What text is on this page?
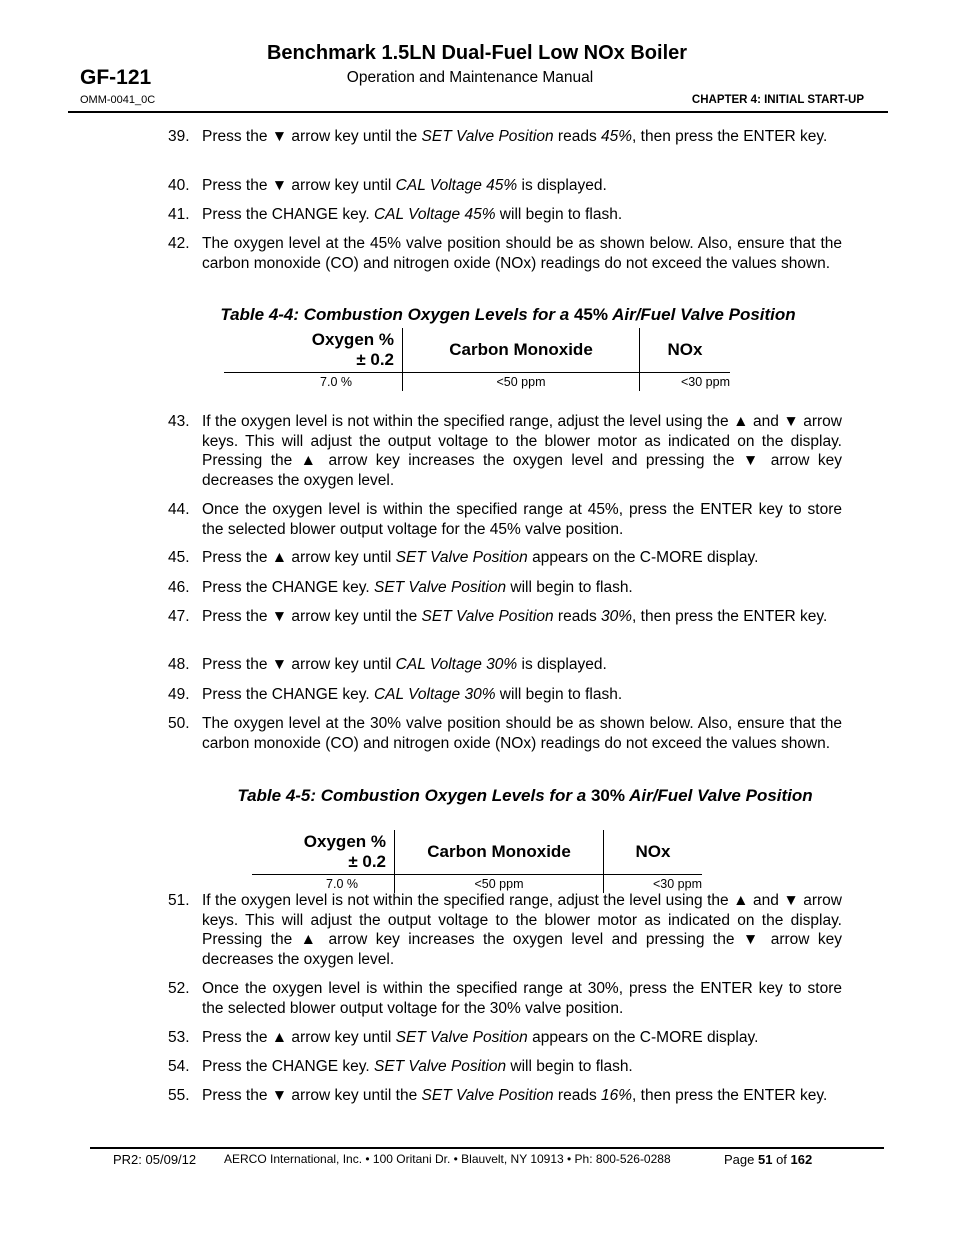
GF-121
OMM-0041_0C
Benchmark 1.5LN Dual-Fuel Low NOx Boiler
Operation and Maintenance Manual
CHAPTER 4: INITIAL START-UP
39. Press the ▼ arrow key until the SET Valve Position reads 45%, then press the ENTER key.
40. Press the ▼ arrow key until CAL Voltage 45% is displayed.
41. Press the CHANGE key. CAL Voltage 45% will begin to flash.
42. The oxygen level at the 45% valve position should be as shown below. Also, ensure that the carbon monoxide (CO) and nitrogen oxide (NOx) readings do not exceed the values shown.
Table 4-4: Combustion Oxygen Levels for a 45% Air/Fuel Valve Position
Oxygen %
± 0.2	Carbon Monoxide	NOx
7.0 %	<50 ppm	<30 ppm
43. If the oxygen level is not within the specified range, adjust the level using the ▲ and ▼ arrow keys. This will adjust the output voltage to the blower motor as indicated on the display. Pressing the ▲ arrow key increases the oxygen level and pressing the ▼ arrow key decreases the oxygen level.
44. Once the oxygen level is within the specified range at 45%, press the ENTER key to store the selected blower output voltage for the 45% valve position.
45. Press the ▲ arrow key until SET Valve Position appears on the C-MORE display.
46. Press the CHANGE key. SET Valve Position will begin to flash.
47. Press the ▼ arrow key until the SET Valve Position reads 30%, then press the ENTER key.
48. Press the ▼ arrow key until CAL Voltage 30% is displayed.
49. Press the CHANGE key. CAL Voltage 30% will begin to flash.
50. The oxygen level at the 30% valve position should be as shown below. Also, ensure that the carbon monoxide (CO) and nitrogen oxide (NOx) readings do not exceed the values shown.
Table 4-5: Combustion Oxygen Levels for a 30% Air/Fuel Valve Position
Oxygen %
± 0.2	Carbon Monoxide	NOx
7.0 %	<50 ppm	<30 ppm
51. If the oxygen level is not within the specified range, adjust the level using the ▲ and ▼ arrow keys. This will adjust the output voltage to the blower motor as indicated on the display. Pressing the ▲ arrow key increases the oxygen level and pressing the ▼ arrow key decreases the oxygen level.
52. Once the oxygen level is within the specified range at 30%, press the ENTER key to store the selected blower output voltage for the 30% valve position.
53. Press the ▲ arrow key until SET Valve Position appears on the C-MORE display.
54. Press the CHANGE key. SET Valve Position will begin to flash.
55. Press the ▼ arrow key until the SET Valve Position reads 16%, then press the ENTER key.
PR2: 05/09/12 AERCO International, Inc. • 100 Oritani Dr. • Blauvelt, NY 10913 • Ph: 800-526-0288	Page 51 of 162
